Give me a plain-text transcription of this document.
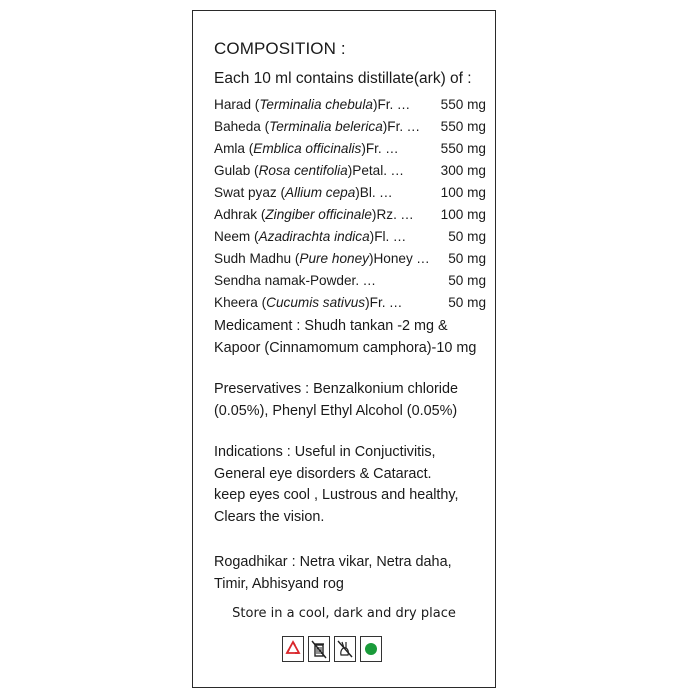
COMPOSITION :
Each 10 ml contains distillate(ark) of :
Harad (Terminalia chebula)Fr. ... 550 mg
Baheda (Terminalia belerica)Fr. ... 550 mg
Amla (Emblica officinalis)Fr. ...	550 mg
Gulab (Rosa centifolia)Petal. ...	300 mg
Swat pyaz (Allium cepa)Bl. ...	100 mg
Adhrak (Zingiber officinale)Rz. ... 100 mg
Neem (Azadirachta indica)Fl. ...	50 mg
Sudh Madhu (Pure honey)Honey ... 50 mg
Sendha namak-Powder. ...	50 mg
Kheera (Cucumis sativus)Fr. ...	50 mg

Medicament : Shudh tankan -2 mg &

Kapoor (Cinnamomum camphora)-10 mg

Preservatives : Benzalkonium chloride

(0.05%), Phenyl Ethyl Alcohol (0.05%)

Indications : Useful in Conjuctivitis,

General eye disorders & Cataract.

keep eyes cool , Lustrous and healthy,

Clears the vision.

Rogadhikar : Netra vikar, Netra daha,

Timir, Abhisyand rog

Store in a cool, dark and dry place
